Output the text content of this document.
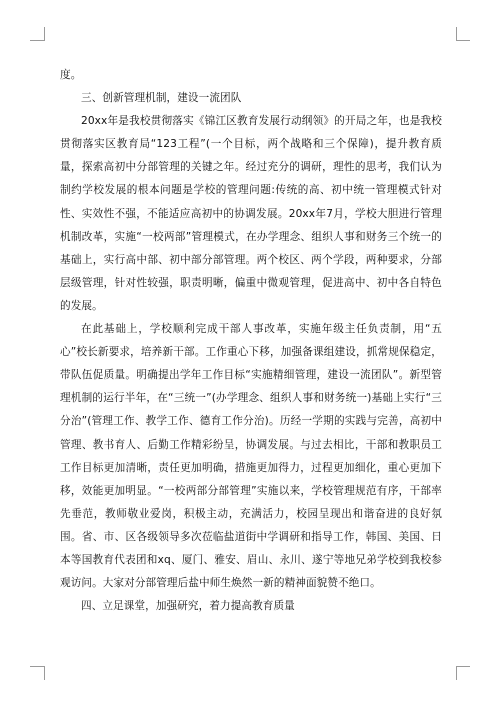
度。

三、创新管理机制，建设一流团队

20xx年是我校贯彻落实《锦江区教育发展行动纲领》的开局之年，也是我校贯彻落实区教育局“123工程”(一个目标，两个战略和三个保障)，提升教育质量，探索高初中分部管理的关键之年。经过充分的调研，理性的思考，我们认为制约学校发展的根本问题是学校的管理问题:传统的高、初中统一管理模式针对性、实效性不强，不能适应高初中的协调发展。20xx年7月，学校大胆进行管理机制改革，实施“一校两部”管理模式，在办学理念、组织人事和财务三个统一的基础上，实行高中部、初中部分部管理。两个校区、两个学段，两种要求，分部层级管理，针对性较强，职责明晰，偏重中微观管理，促进高中、初中各自特色的发展。

在此基础上，学校顺利完成干部人事改革，实施年级主任负责制，用“五心”校长新要求，培养新干部。工作重心下移，加强备课组建设，抓常规保稳定，带队伍促质量。明确提出学年工作目标“实施精细管理，建设一流团队”。新型管理机制的运行半年，在“三统一”(办学理念、组织人事和财务统一)基础上实行“三分治”(管理工作、教学工作、德育工作分治)。历经一学期的实践与完善，高初中管理、教书育人、后勤工作精彩纷呈，协调发展。与过去相比，干部和教职员工工作目标更加清晰，责任更加明确，措施更加得力，过程更加细化，重心更加下移，效能更加明显。“一校两部分部管理”实施以来，学校管理规范有序，干部率先垂范，教师敬业爱岗，积极主动，充满活力，校园呈现出和谐奋进的良好氛围。省、市、区各级领导多次莅临盐道街中学调研和指导工作，韩国、美国、日本等国教育代表团和xq、厦门、雅安、眉山、永川、遂宁等地兄弟学校到我校参观访问。大家对分部管理后盐中师生焕然一新的精神面貌赞不绝口。

四、立足课堂，加强研究，着力提高教育质量
